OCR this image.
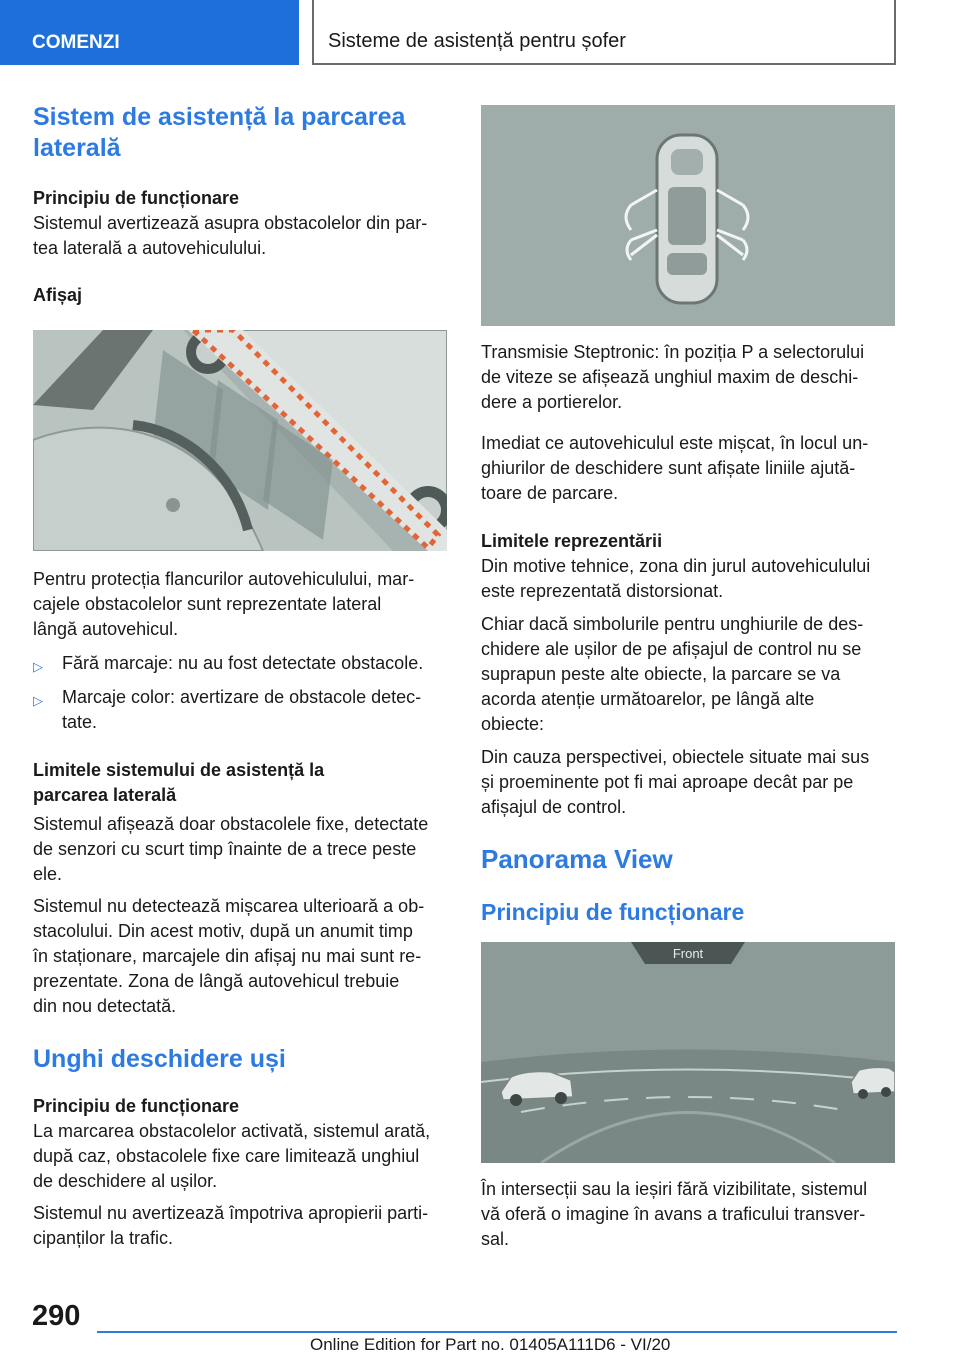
COMENZI	Sisteme de asistență pentru șofer
Sistem de asistență la parcarea
laterală
Principiu de funcționare

Sistemul avertizează asupra obstacolelor din par-
tea laterală a autovehiculului.

Afișaj

Pentru protecția flancurilor autovehiculului, mar-
cajele obstacolelor sunt reprezentate lateral
lângă autovehicul.

▷ Fără marcaje: nu au fost detectate obstacole.
▷ Marcaje color: avertizare de obstacole detec-
tate.
Limitele sistemului de asistență la
parcarea laterală

Sistemul afișează doar obstacolele fixe, detectate
de senzori cu scurt timp înainte de a trece peste
ele.

Sistemul nu detectează mișcarea ulterioară a ob-
stacolului. Din acest motiv, după un anumit timp
în staționare, marcajele din afișaj nu mai sunt re-
prezentate. Zona de lângă autovehicul trebuie
din nou detectată.

Unghi deschidere uși
Principiu de funcționare

La marcarea obstacolelor activată, sistemul arată,
după caz, obstacolele fixe care limitează unghiul
de deschidere al ușilor.

Sistemul nu avertizează împotriva apropierii parti-
cipanților la trafic.

Transmisie Steptronic: în poziția P a selectorului
de viteze se afișează unghiul maxim de deschi-
dere a portierelor.

Imediat ce autovehiculul este mișcat, în locul un-
ghiurilor de deschidere sunt afișate liniile ajută-
toare de parcare.

Limitele reprezentării

Din motive tehnice, zona din jurul autovehiculului
este reprezentată distorsionat.

Chiar dacă simbolurile pentru unghiurile de des-
chidere ale ușilor de pe afișajul de control nu se
suprapun peste alte obiecte, la parcare se va
acorda atenție următoarelor, pe lângă alte
obiecte:

Din cauza perspectivei, obiectele situate mai sus
și proeminente pot fi mai aproape decât par pe
afișajul de control.

Panorama View
Principiu de funcționare
Front

În intersecții sau la ieșiri fără vizibilitate, sistemul
vă oferă o imagine în avans a traficului transver-
sal.

290
Online Edition for Part no. 01405A111D6 - VI/20
